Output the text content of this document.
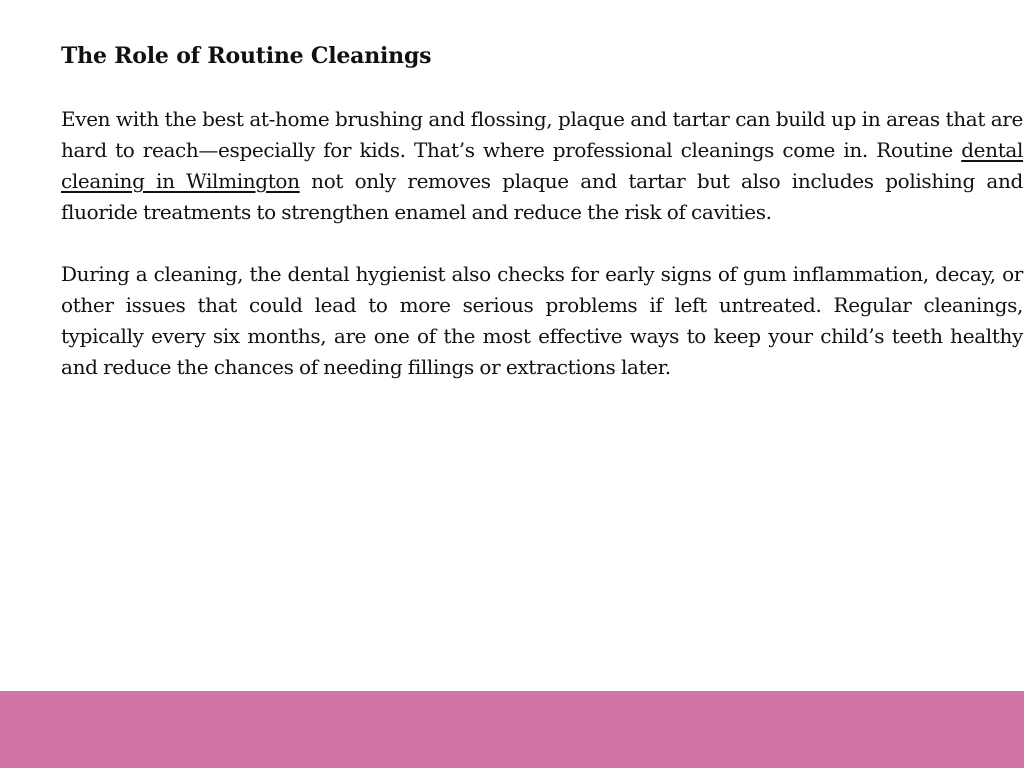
The Role of Routine Cleanings

Even with the best at-home brushing and flossing, plaque and tartar can build up in areas that are hard to reach—especially for kids. That’s where professional cleanings come in. Routine dental cleaning in Wilmington not only removes plaque and tartar but also includes polishing and fluoride treatments to strengthen enamel and reduce the risk of cavities.

During a cleaning, the dental hygienist also checks for early signs of gum inflammation, decay, or other issues that could lead to more serious problems if left untreated. Regular cleanings, typically every six months, are one of the most effective ways to keep your child’s teeth healthy and reduce the chances of needing fillings or extractions later.
